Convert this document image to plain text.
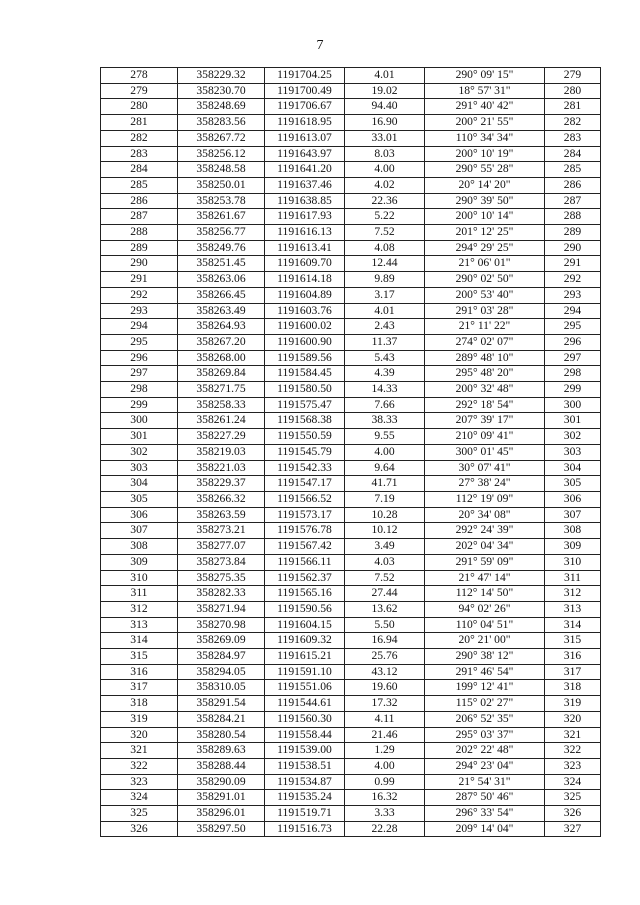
7
278	358229.32	1191704.25	4.01	290° 09' 15"	279
279	358230.70	1191700.49	19.02	18° 57' 31"	280
280	358248.69	1191706.67	94.40	291° 40' 42"	281
281	358283.56	1191618.95	16.90	200° 21' 55"	282
282	358267.72	1191613.07	33.01	110° 34' 34"	283
283	358256.12	1191643.97	8.03	200° 10' 19"	284
284	358248.58	1191641.20	4.00	290° 55' 28"	285
285	358250.01	1191637.46	4.02	20° 14' 20"	286
286	358253.78	1191638.85	22.36	290° 39' 50"	287
287	358261.67	1191617.93	5.22	200° 10' 14"	288
288	358256.77	1191616.13	7.52	201° 12' 25"	289
289	358249.76	1191613.41	4.08	294° 29' 25"	290
290	358251.45	1191609.70	12.44	21° 06' 01"	291
291	358263.06	1191614.18	9.89	290° 02' 50"	292
292	358266.45	1191604.89	3.17	200° 53' 40"	293
293	358263.49	1191603.76	4.01	291° 03' 28"	294
294	358264.93	1191600.02	2.43	21° 11' 22"	295
295	358267.20	1191600.90	11.37	274° 02' 07"	296
296	358268.00	1191589.56	5.43	289° 48' 10"	297
297	358269.84	1191584.45	4.39	295° 48' 20"	298
298	358271.75	1191580.50	14.33	200° 32' 48"	299
299	358258.33	1191575.47	7.66	292° 18' 54"	300
300	358261.24	1191568.38	38.33	207° 39' 17"	301
301	358227.29	1191550.59	9.55	210° 09' 41"	302
302	358219.03	1191545.79	4.00	300° 01' 45"	303
303	358221.03	1191542.33	9.64	30° 07' 41"	304
304	358229.37	1191547.17	41.71	27° 38' 24"	305
305	358266.32	1191566.52	7.19	112° 19' 09"	306
306	358263.59	1191573.17	10.28	20° 34' 08"	307
307	358273.21	1191576.78	10.12	292° 24' 39"	308
308	358277.07	1191567.42	3.49	202° 04' 34"	309
309	358273.84	1191566.11	4.03	291° 59' 09"	310
310	358275.35	1191562.37	7.52	21° 47' 14"	311
311	358282.33	1191565.16	27.44	112° 14' 50"	312
312	358271.94	1191590.56	13.62	94° 02' 26"	313
313	358270.98	1191604.15	5.50	110° 04' 51"	314
314	358269.09	1191609.32	16.94	20° 21' 00"	315
315	358284.97	1191615.21	25.76	290° 38' 12"	316
316	358294.05	1191591.10	43.12	291° 46' 54"	317
317	358310.05	1191551.06	19.60	199° 12' 41"	318
318	358291.54	1191544.61	17.32	115° 02' 27"	319
319	358284.21	1191560.30	4.11	206° 52' 35"	320
320	358280.54	1191558.44	21.46	295° 03' 37"	321
321	358289.63	1191539.00	1.29	202° 22' 48"	322
322	358288.44	1191538.51	4.00	294° 23' 04"	323
323	358290.09	1191534.87	0.99	21° 54' 31"	324
324	358291.01	1191535.24	16.32	287° 50' 46"	325
325	358296.01	1191519.71	3.33	296° 33' 54"	326
326	358297.50	1191516.73	22.28	209° 14' 04"	327
